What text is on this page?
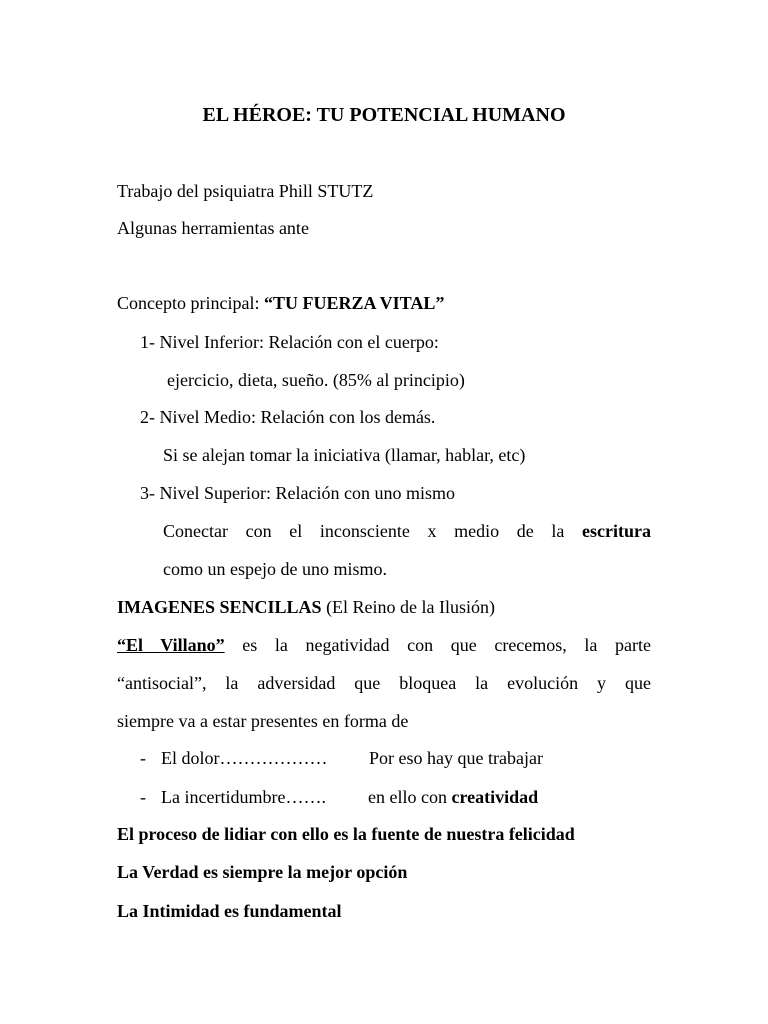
EL HÉROE: TU POTENCIAL HUMANO
Trabajo del psiquiatra Phill STUTZ
Algunas herramientas ante
Concepto principal: “TU FUERZA VITAL”
1- Nivel Inferior: Relación con el cuerpo:
ejercicio, dieta, sueño. (85% al principio)
2- Nivel Medio: Relación con los demás.
Si se alejan tomar la iniciativa (llamar, hablar, etc)
3- Nivel Superior: Relación con uno mismo
Conectar con el inconsciente x medio de la escritura
como un espejo de uno mismo.
IMAGENES SENCILLAS (El Reino de la Ilusión)
“El Villano” es la negatividad con que crecemos, la parte
“antisocial”, la adversidad que bloquea la evolución y que
siempre va a estar presentes en forma de
- El dolor……………… Por eso hay que trabajar
- La incertidumbre……. en ello con creatividad
El proceso de lidiar con ello es la fuente de nuestra felicidad
La Verdad es siempre la mejor opción
La Intimidad es fundamental
